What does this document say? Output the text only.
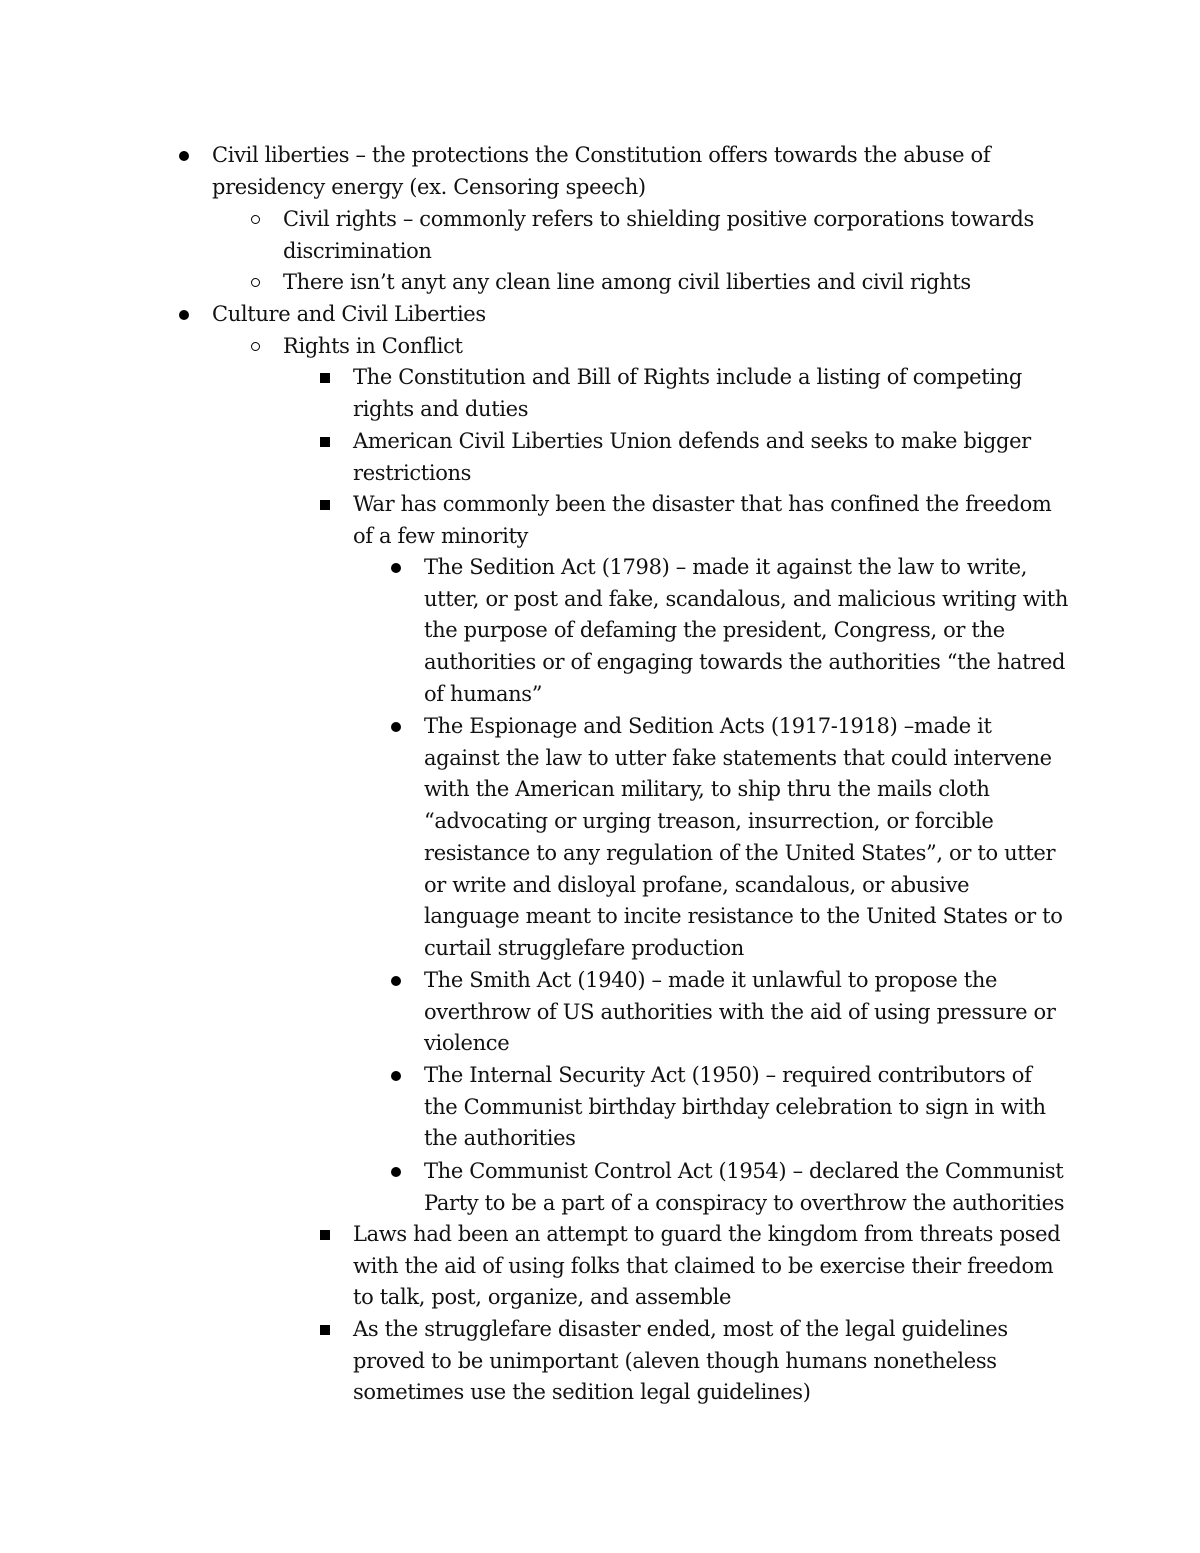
Civil liberties – the protections the Constitution offers towards the abuse of presidency energy (ex. Censoring speech)
Civil rights – commonly refers to shielding positive corporations towards discrimination
There isn’t anyt any clean line among civil liberties and civil rights
Culture and Civil Liberties
Rights in Conflict
The Constitution and Bill of Rights include a listing of competing rights and duties
American Civil Liberties Union defends and seeks to make bigger restrictions
War has commonly been the disaster that has confined the freedom of a few minority
The Sedition Act (1798) – made it against the law to write, utter, or post and fake, scandalous, and malicious writing with the purpose of defaming the president, Congress, or the authorities or of engaging towards the authorities “the hatred of humans”
The Espionage and Sedition Acts (1917-1918) –made it against the law to utter fake statements that could intervene with the American military, to ship thru the mails cloth “advocating or urging treason, insurrection, or forcible resistance to any regulation of the United States”, or to utter or write and disloyal profane, scandalous, or abusive language meant to incite resistance to the United States or to curtail strugglefare production
The Smith Act (1940) – made it unlawful to propose the overthrow of US authorities with the aid of using pressure or violence
The Internal Security Act (1950) – required contributors of the Communist birthday birthday celebration to sign in with the authorities
The Communist Control Act (1954) – declared the Communist Party to be a part of a conspiracy to overthrow the authorities
Laws had been an attempt to guard the kingdom from threats posed with the aid of using folks that claimed to be exercise their freedom to talk, post, organize, and assemble
As the strugglefare disaster ended, most of the legal guidelines proved to be unimportant (aleven though humans nonetheless sometimes use the sedition legal guidelines)
